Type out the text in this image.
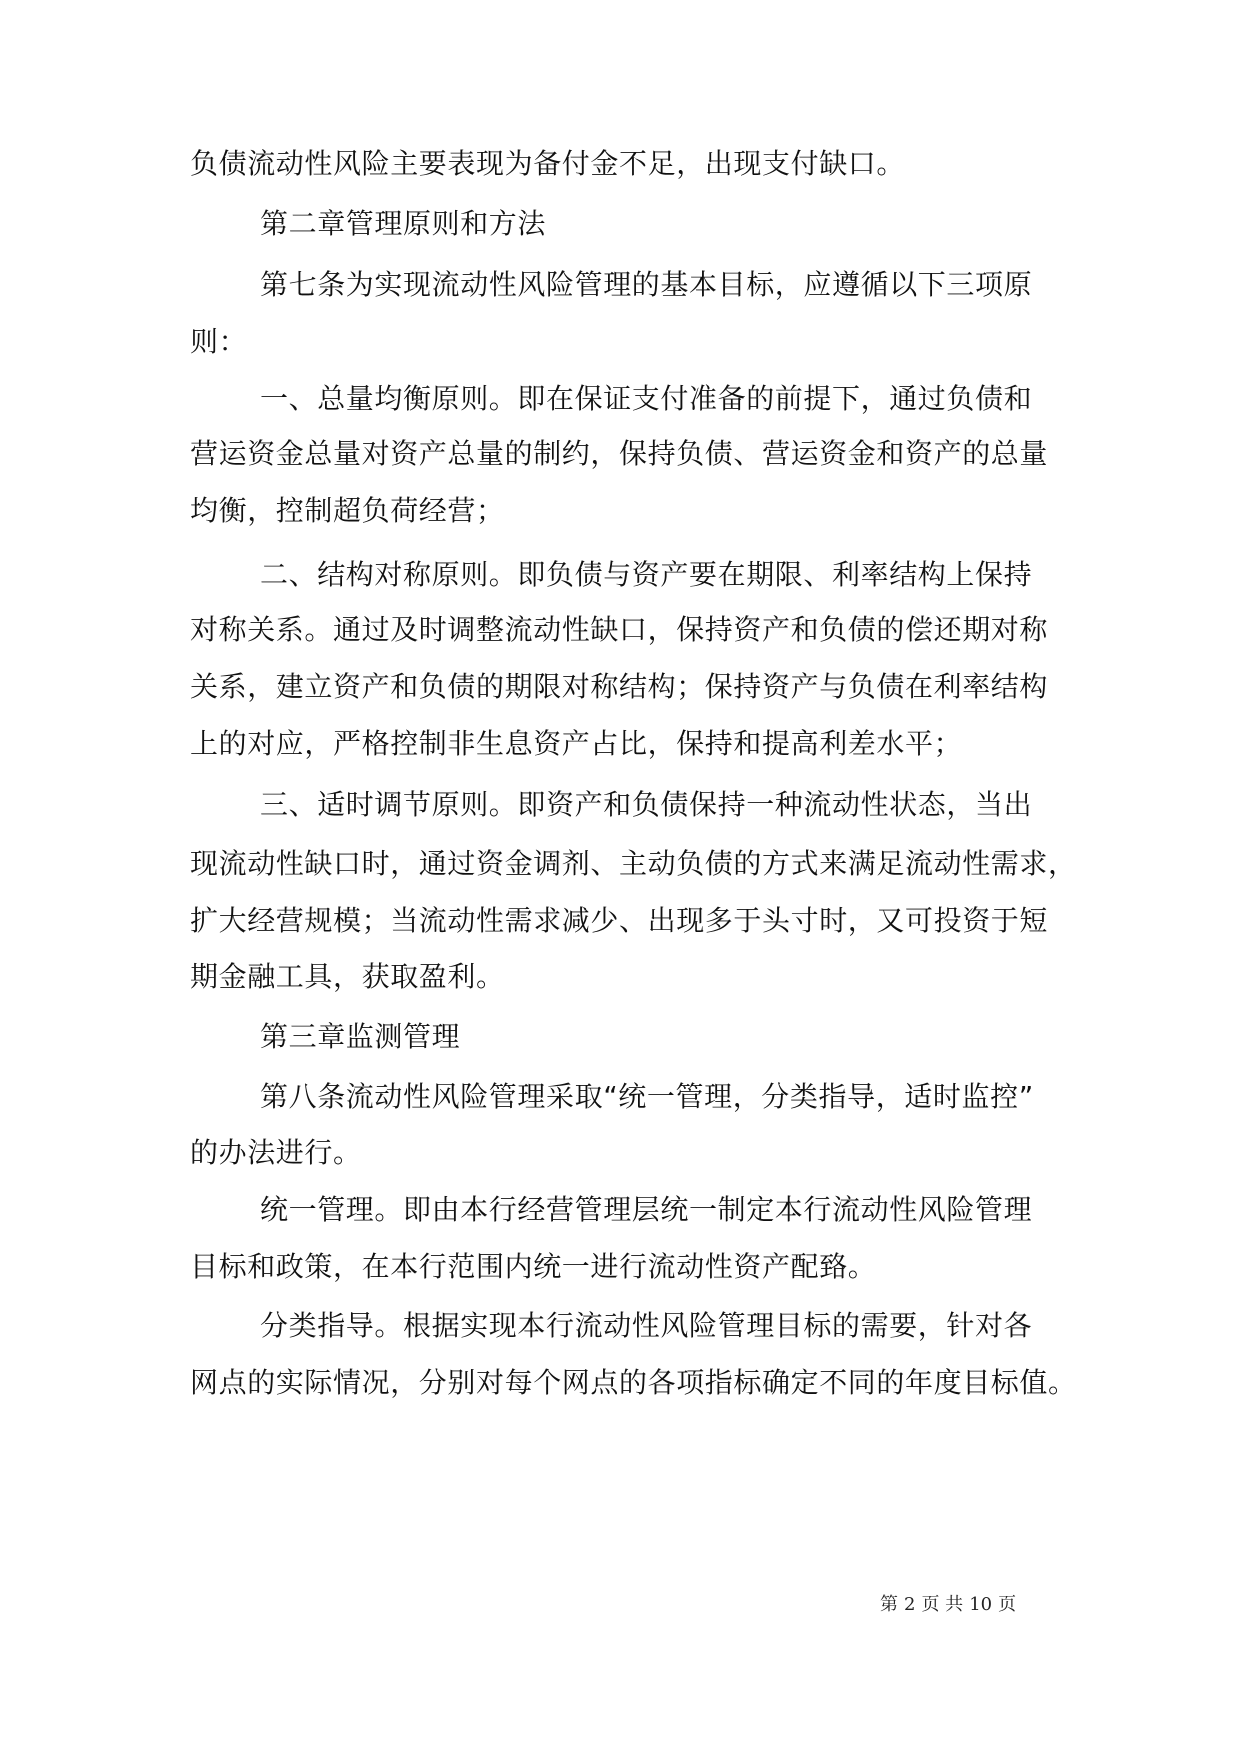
负债流动性风险主要表现为备付金不足，出现支付缺口。
第二章管理原则和方法
第七条为实现流动性风险管理的基本目标，应遵循以下三项原
则：
一、总量均衡原则。即在保证支付准备的前提下，通过负债和
营运资金总量对资产总量的制约，保持负债、营运资金和资产的总量
均衡，控制超负荷经营；
二、结构对称原则。即负债与资产要在期限、利率结构上保持
对称关系。通过及时调整流动性缺口，保持资产和负债的偿还期对称
关系，建立资产和负债的期限对称结构；保持资产与负债在利率结构
上的对应，严格控制非生息资产占比，保持和提高利差水平；
三、适时调节原则。即资产和负债保持一种流动性状态，当出
现流动性缺口时，通过资金调剂、主动负债的方式来满足流动性需求，
扩大经营规模；当流动性需求减少、出现多于头寸时，又可投资于短
期金融工具，获取盈利。
第三章监测管理
第八条流动性风险管理采取“统一管理，分类指导，适时监控”
的办法进行。
统一管理。即由本行经营管理层统一制定本行流动性风险管理
目标和政策，在本行范围内统一进行流动性资产配臵。
分类指导。根据实现本行流动性风险管理目标的需要，针对各
网点的实际情况，分别对每个网点的各项指标确定不同的年度目标值。
第 2 页 共 10 页
